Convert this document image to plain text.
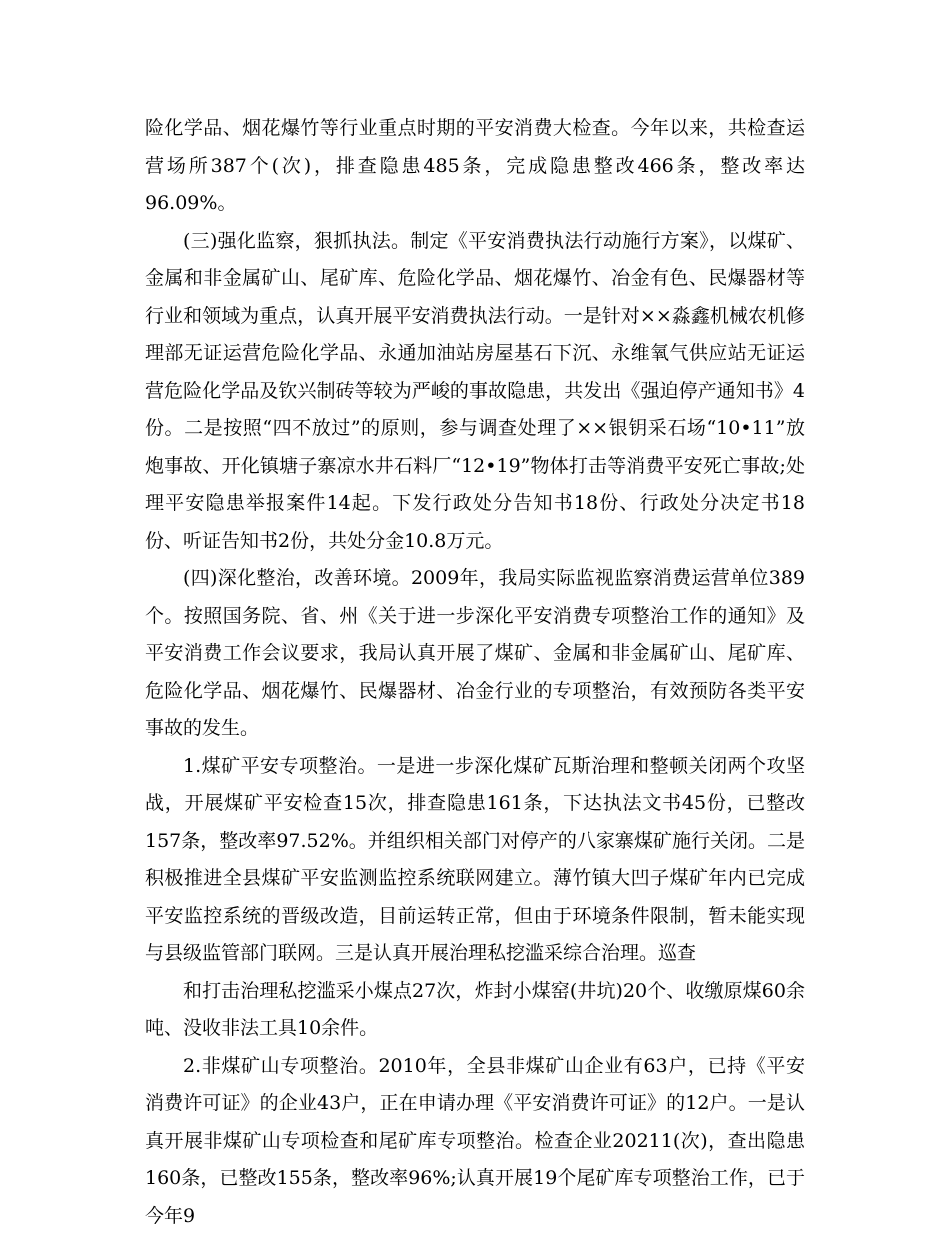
险化学品、烟花爆竹等行业重点时期的平安消费大检查。今年以来，共检查运营场所387个(次)，排查隐患485条，完成隐患整改466条，整改率达96.09%。

(三)强化监察，狠抓执法。制定《平安消费执法行动施行方案》，以煤矿、金属和非金属矿山、尾矿库、危险化学品、烟花爆竹、冶金有色、民爆器材等行业和领域为重点，认真开展平安消费执法行动。一是针对××淼鑫机械农机修理部无证运营危险化学品、永通加油站房屋基石下沉、永维氧气供应站无证运营危险化学品及钦兴制砖等较为严峻的事故隐患，共发出《强迫停产通知书》4份。二是按照“四不放过”的原则，参与调查处理了××银钥采石场“10•11”放炮事故、开化镇塘子寨凉水井石料厂“12•19”物体打击等消费平安死亡事故;处理平安隐患举报案件14起。下发行政处分告知书18份、行政处分决定书18份、听证告知书2份，共处分金10.8万元。

(四)深化整治，改善环境。2009年，我局实际监视监察消费运营单位389个。按照国务院、省、州《关于进一步深化平安消费专项整治工作的通知》及平安消费工作会议要求，我局认真开展了煤矿、金属和非金属矿山、尾矿库、危险化学品、烟花爆竹、民爆器材、冶金行业的专项整治，有效预防各类平安事故的发生。

1.煤矿平安专项整治。一是进一步深化煤矿瓦斯治理和整顿关闭两个攻坚战，开展煤矿平安检查15次，排查隐患161条，下达执法文书45份，已整改157条，整改率97.52%。并组织相关部门对停产的八家寨煤矿施行关闭。二是积极推进全县煤矿平安监测监控系统联网建立。薄竹镇大凹子煤矿年内已完成平安监控系统的晋级改造，目前运转正常，但由于环境条件限制，暂未能实现与县级监管部门联网。三是认真开展治理私挖滥采综合治理。巡查

和打击治理私挖滥采小煤点27次，炸封小煤窑(井坑)20个、收缴原煤60余吨、没收非法工具10余件。

2.非煤矿山专项整治。2010年，全县非煤矿山企业有63户，已持《平安消费许可证》的企业43户，正在申请办理《平安消费许可证》的12户。一是认真开展非煤矿山专项检查和尾矿库专项整治。检查企业20211(次)，查出隐患160条，已整改155条，整改率96%;认真开展19个尾矿库专项整治工作，已于今年9
